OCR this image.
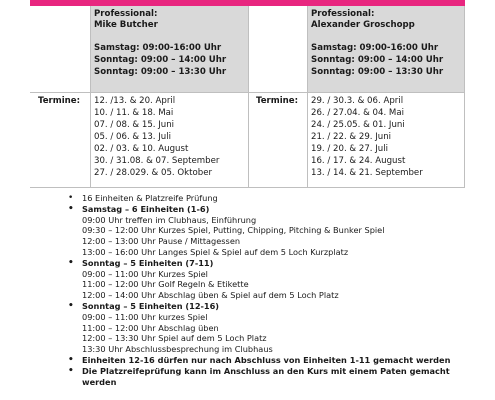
Professional:
Mike Butcher
Samstag: 09:00-16:00 Uhr
Sonntag: 09:00 – 14:00 Uhr
Sonntag: 09:00 – 13:30 Uhr
Professional:
Alexander Groschopp
Samstag: 09:00-16:00 Uhr
Sonntag: 09:00 – 14:00 Uhr
Sonntag: 09:00 – 13:30 Uhr
Termine: 12. /13. & 20. April
10. / 11. & 18. Mai
07. / 08. & 15. Juni
05. / 06. & 13. Juli
02. / 03. & 10. August
30. / 31.08. & 07. September
27. / 28.029. & 05. Oktober
Termine: 29. / 30.3. & 06. April
26. / 27.04. & 04. Mai
24. / 25.05. & 01. Juni
21. / 22. & 29. Juni
19. / 20. & 27. Juli
16. / 17. & 24. August
13. / 14. & 21. September
• 16 Einheiten & Platzreife Prüfung
• Samstag – 6 Einheiten (1-6)
09:00 Uhr treffen im Clubhaus, Einführung
09:30 – 12:00 Uhr Kurzes Spiel, Putting, Chipping, Pitching & Bunker Spiel
12:00 – 13:00 Uhr Pause / Mittagessen
13:00 – 16:00 Uhr Langes Spiel & Spiel auf dem 5 Loch Kurzplatz
• Sonntag – 5 Einheiten (7-11)
09:00 – 11:00 Uhr Kurzes Spiel
11:00 – 12:00 Uhr Golf Regeln & Etikette
12:00 – 14:00 Uhr Abschlag üben & Spiel auf dem 5 Loch Platz
• Sonntag – 5 Einheiten (12-16)
09:00 – 11:00 Uhr kurzes Spiel
11:00 – 12:00 Uhr Abschlag üben
12:00 – 13:30 Uhr Spiel auf dem 5 Loch Platz
13:30 Uhr Abschlussbesprechung im Clubhaus
• Einheiten 12-16 dürfen nur nach Abschluss von Einheiten 1-11 gemacht werden
• Die Platzreifeprüfung kann im Anschluss an den Kurs mit einem Paten gemacht
werden
